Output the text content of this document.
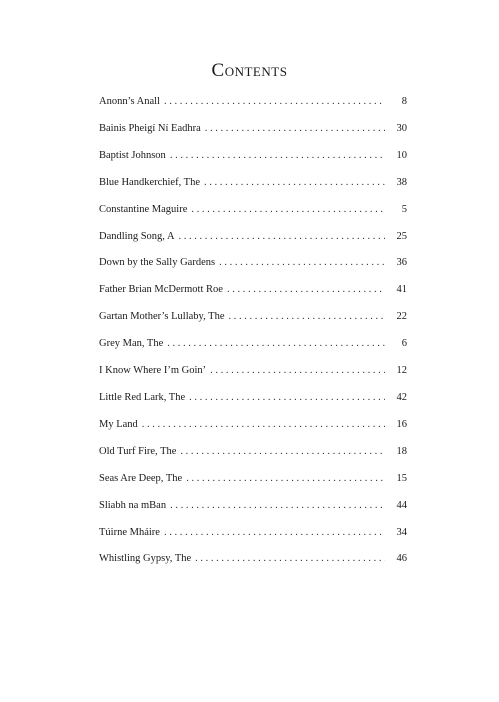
Contents
Anonn’s Anall . . .	8
Bainis Pheigí Ní Eadhra . . .	30
Baptist Johnson . . .	10
Blue Handkerchief, The . . .	38
Constantine Maguire . . .	5
Dandling Song, A . . .	25
Down by the Sally Gardens . . .	36
Father Brian McDermott Roe . . .	41
Gartan Mother’s Lullaby, The . . .	22
Grey Man, The . . .	6
I Know Where I’m Goin’ . . .	12
Little Red Lark, The . . .	42
My Land . . .	16
Old Turf Fire, The . . .	18
Seas Are Deep, The . . .	15
Sliabh na mBan . . .	44
Túirne Mháire . . .	34
Whistling Gypsy, The . . .	46
